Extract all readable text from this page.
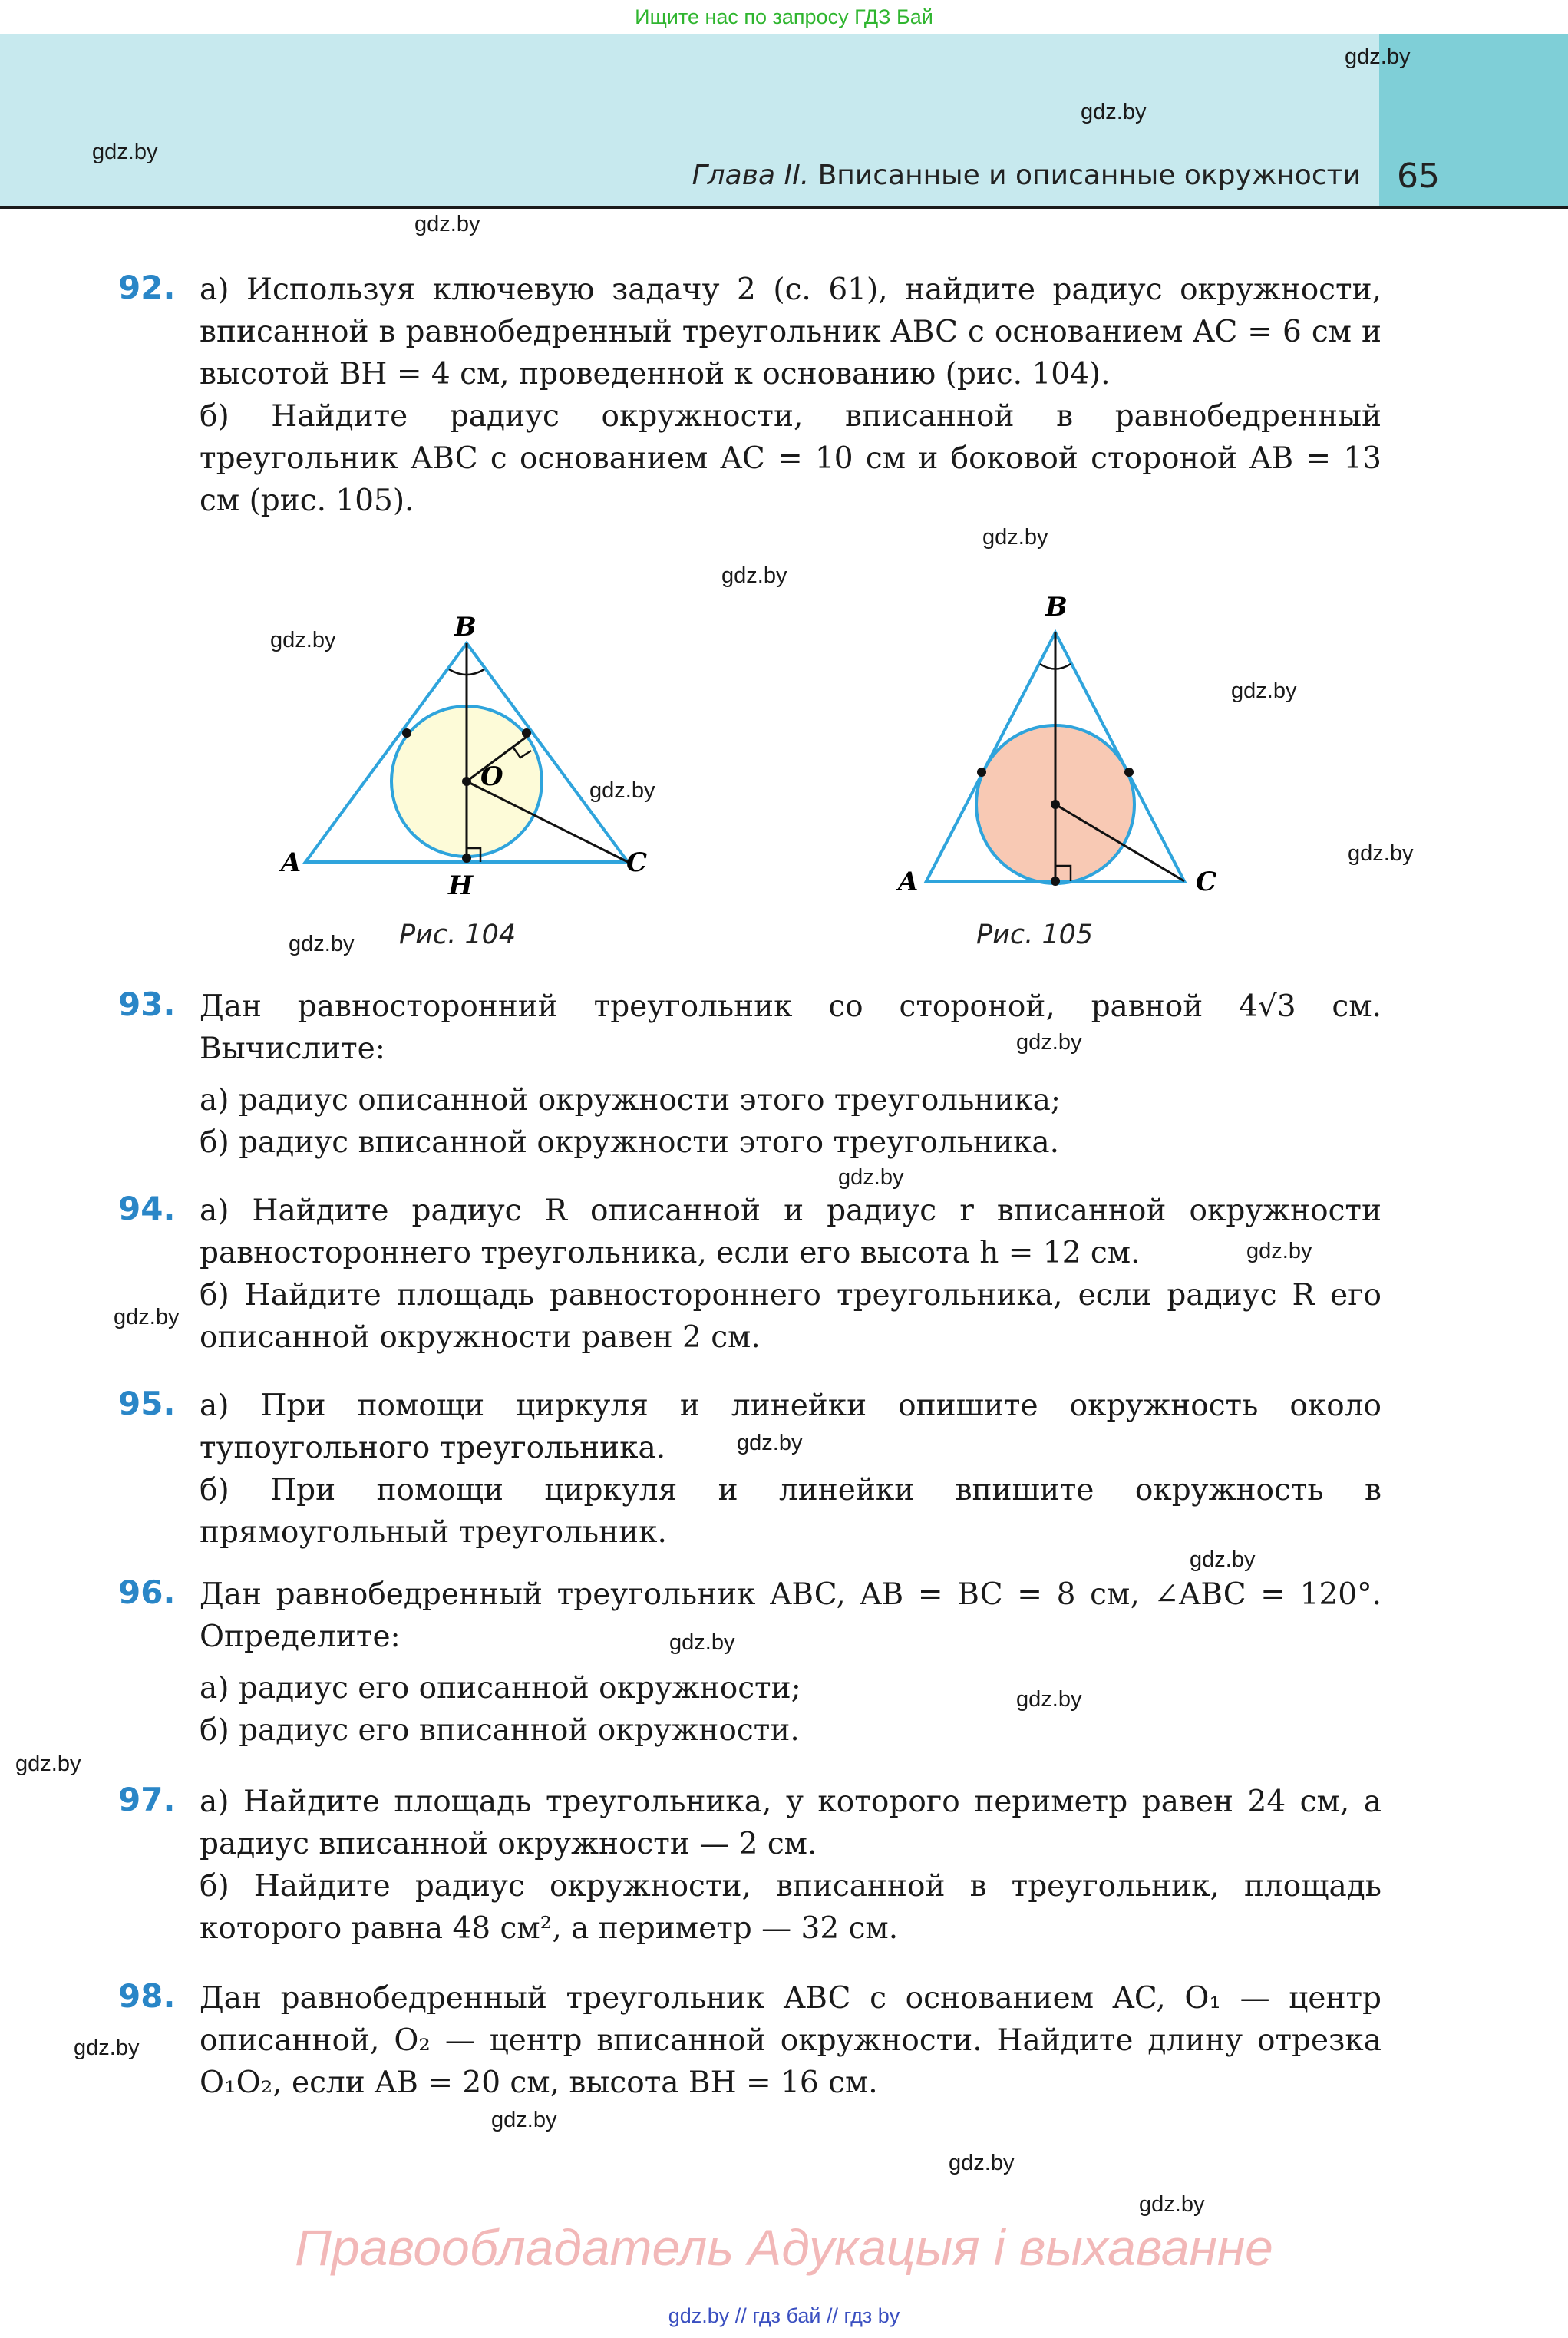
Ищите нас по запросу ГДЗ Бай
Глава II. Вписанные и описанные окружности 65
gdz.by
gdz.by
gdz.by
gdz.by
gdz.by
gdz.by
gdz.by
gdz.by
gdz.by
gdz.by
gdz.by
gdz.by
gdz.by
gdz.by
gdz.by
gdz.by
gdz.by
gdz.by
gdz.by
gdz.by
gdz.by
gdz.by
gdz.by
gdz.by
92. а) Используя ключевую задачу 2 (с. 61), найдите радиус окружности, вписанной в равнобедренный треугольник ABC с основанием AC = 6 см и высотой BH = 4 см, проведенной к основанию (рис. 104).

б) Найдите радиус окружности, вписанной в равнобедренный треугольник ABC с основанием AC = 10 см и боковой стороной AB = 13 см (рис. 105).

B
A	C
H
O
Рис. 104
B
A	C
Рис. 105
93. Дан равносторонний треугольник со стороной, равной 4√3 см. Вычислите:

а) радиус описанной окружности этого треугольника;

б) радиус вписанной окружности этого треугольника.

94. а) Найдите радиус R описанной и радиус r вписанной окружности равностороннего треугольника, если его высота h = 12 см.

б) Найдите площадь равностороннего треугольника, если радиус R его описанной окружности равен 2 см.

95. а) При помощи циркуля и линейки опишите окружность около тупоугольного треугольника.

б) При помощи циркуля и линейки впишите окружность в прямоугольный треугольник.

96. Дан равнобедренный треугольник ABC, AB = BC = 8 см, ∠ABC = 120°. Определите:

а) радиус его описанной окружности;

б) радиус его вписанной окружности.

97. а) Найдите площадь треугольника, у которого периметр равен 24 см, а радиус вписанной окружности — 2 см.

б) Найдите радиус окружности, вписанной в треугольник, площадь которого равна 48 см², а периметр — 32 см.

98. Дан равнобедренный треугольник ABC с основанием AC, O₁ — центр описанной, O₂ — центр вписанной окружности. Найдите длину отрезка O₁O₂, если AB = 20 см, высота BH = 16 см.

Правообладатель Адукацыя і выхаванне
gdz.by // гдз бай // гдз by
